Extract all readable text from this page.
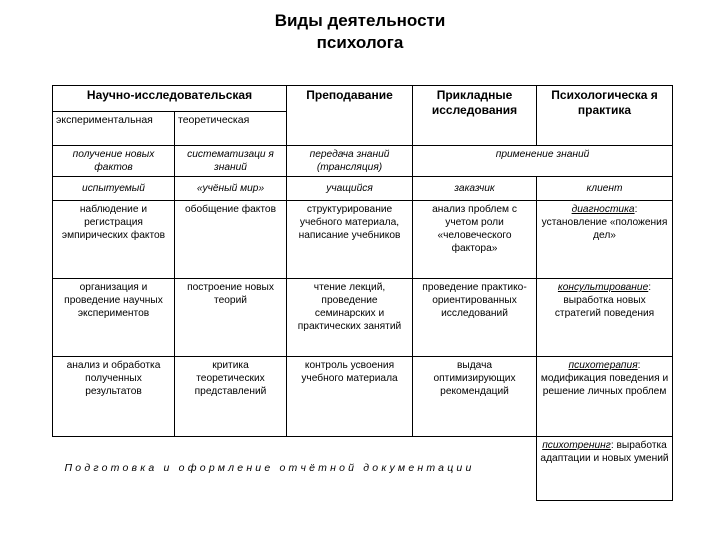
Виды деятельности
психолога
Научно-исследовательская		Преподавание	Прикладные исследования	Психологическа я практика
экспериментальная	теоретическая			
получение новых фактов	систематизаци я знаний	передача знаний (трансляция)	применение знаний	
испытуемый	«учёный мир»	учащийся	заказчик	клиент
наблюдение и регистрация эмпирических фактов	обобщение фактов	структурирование учебного материала, написание учебников	анализ проблем с учетом роли «человеческого фактора»	диагностика: установление «положения дел»
организация и проведение научных экспериментов	построение новых теорий	чтение лекций, проведение семинарских и практических занятий	проведение практико-ориентированных исследований	консультирование: выработка новых стратегий поведения
анализ и обработка полученных результатов	критика теоретических представлений	контроль усвоения учебного материала	выдача оптимизирующих рекомендаций	психотерапия: модификация поведения и решение личных проблем
Подготовка и оформление отчётной документации				психотренинг: выработка адаптации и новых умений
